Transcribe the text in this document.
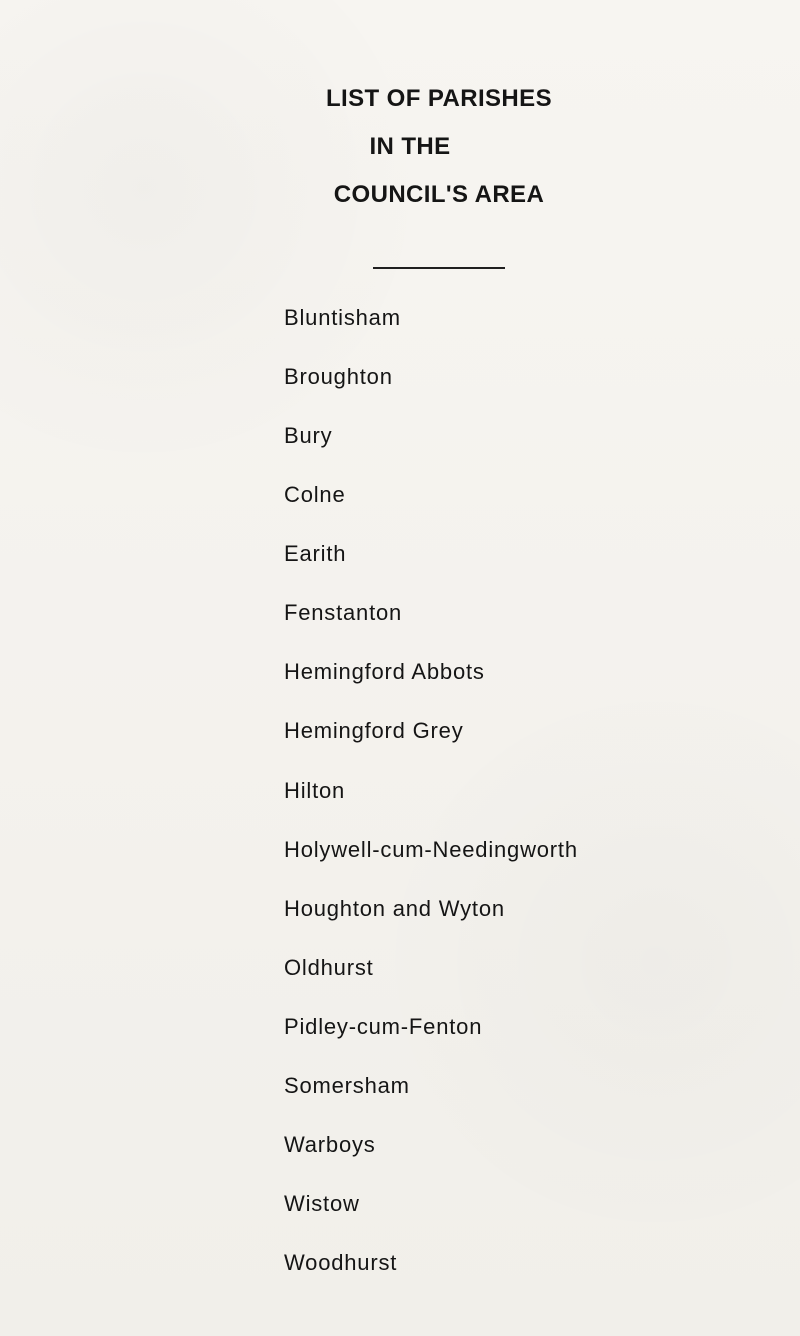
LIST OF PARISHES
IN THE
COUNCIL'S AREA
Bluntisham
Broughton
Bury
Colne
Earith
Fenstanton
Hemingford Abbots
Hemingford Grey
Hilton
Holywell-cum-Needingworth
Houghton and Wyton
Oldhurst
Pidley-cum-Fenton
Somersham
Warboys
Wistow
Woodhurst
